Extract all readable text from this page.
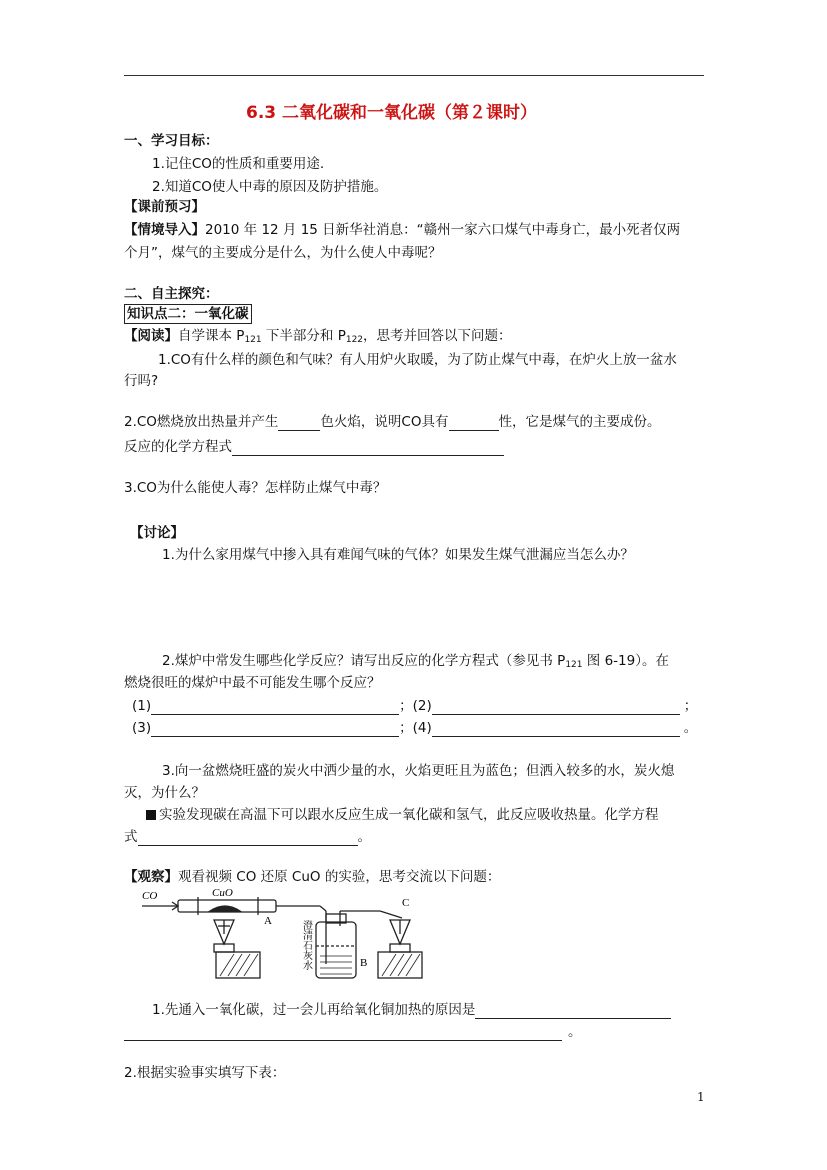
6.3 二氧化碳和一氧化碳（第２课时）
一、学习目标：
1.记住CO的性质和重要用途.
2.知道CO使人中毒的原因及防护措施。
【课前预习】
【情境导入】2010 年 12 月 15 日新华社消息：“赣州一家六口煤气中毒身亡，最小死者仅两
个月”，煤气的主要成分是什么，为什么使人中毒呢？
二、自主探究：
知识点二：一氧化碳
【阅读】自学课本 $P_{121}$ 下半部分和 $P_{122}$，思考并回答以下问题：
1.CO有什么样的颜色和气味？有人用炉火取暖，为了防止煤气中毒，在炉火上放一盆水
行吗?
2.CO燃烧放出热量并产生	色火焰，说明CO具有	性，它是煤气的主要成份。
反应的化学方程式
3.CO为什么能使人毒？怎样防止煤气中毒？
【讨论】
1.为什么家用煤气中掺入具有难闻气味的气体？如果发生煤气泄漏应当怎么办？
2.煤炉中常发生哪些化学反应？请写出反应的化学方程式（参见书 $P_{121}$ 图 6-19）。在
燃烧很旺的煤炉中最不可能发生哪个反应？
(1)	；(2)	；
(3)	；(4)	。
3.向一盆燃烧旺盛的炭火中洒少量的水，火焰更旺且为蓝色；但洒入较多的水，炭火熄
灭，为什么？
实验发现碳在高温下可以跟水反应生成一氧化碳和氢气，此反应吸收热量。化学方程
式	。
【观察】观看视频 CO 还原 CuO 的实验，思考交流以下问题：
CO	CuO
A
B
C
澄清石灰水
1.先通入一氧化碳，过一会儿再给氧化铜加热的原因是
。
2.根据实验事实填写下表：
1
